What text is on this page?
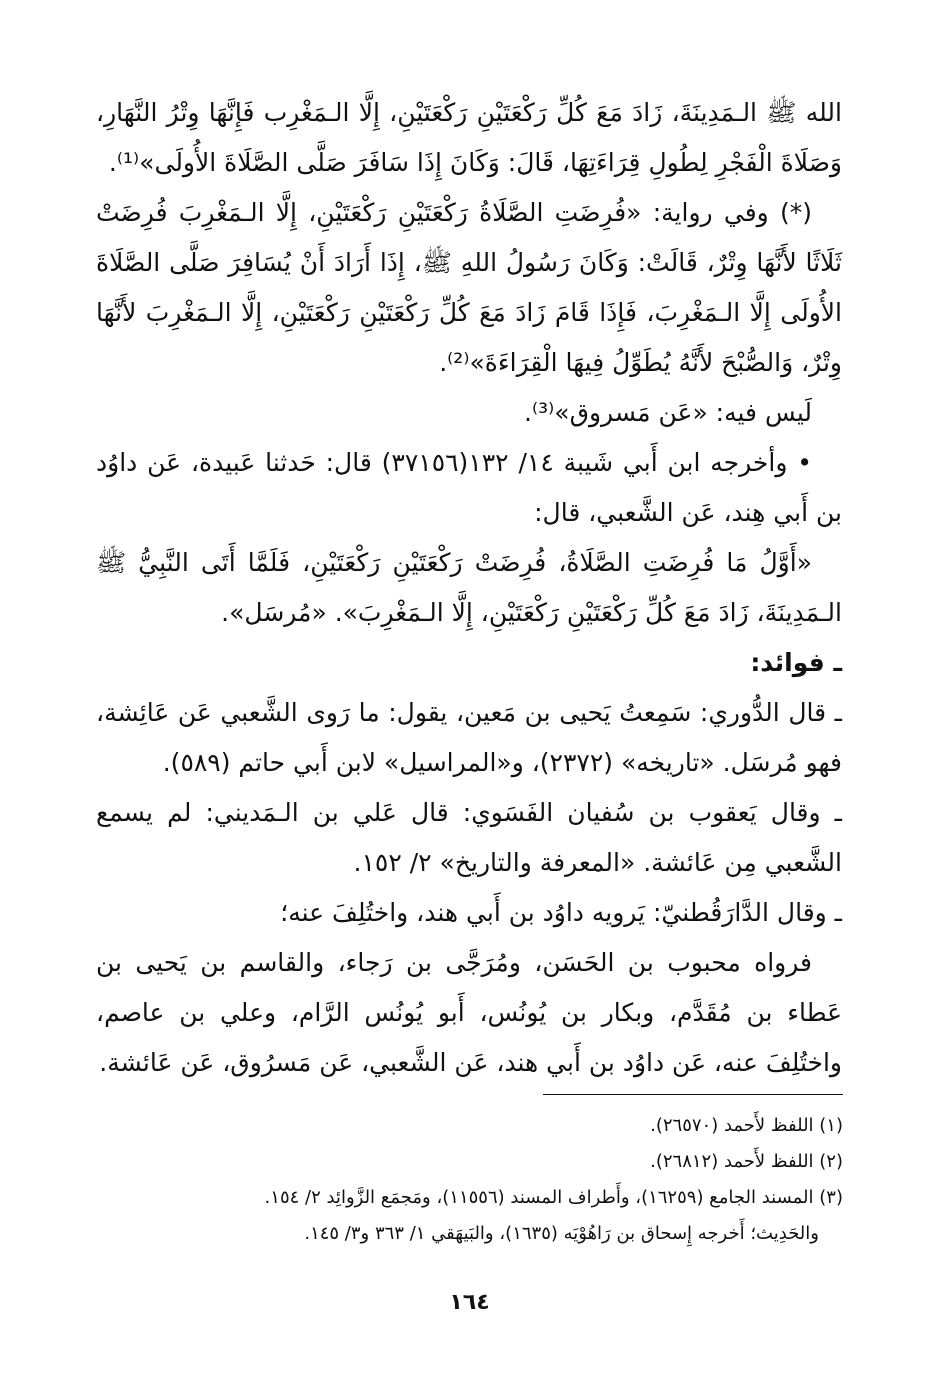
الله ﷺ الـمَدِينَةَ، زَادَ مَعَ كُلِّ رَكْعَتَيْنِ رَكْعَتَيْنِ، إِلَّا الـمَغْرِب فَإِنَّهَا وِتْرُ النَّهَارِ، وَصَلَاةَ الْفَجْرِ لِطُولِ قِرَاءَتِهَا، قَالَ: وَكَانَ إِذَا سَافَرَ صَلَّى الصَّلَاةَ الأُولَى»⁽¹⁾.

(*) وفي رواية: «فُرِضَتِ الصَّلَاةُ رَكْعَتَيْنِ رَكْعَتَيْنِ، إِلَّا الـمَغْرِبَ فُرِضَتْ ثَلَاثًا لأَنَّهَا وِتْرٌ، قَالَتْ: وَكَانَ رَسُولُ اللهِ ﷺ، إِذَا أَرَادَ أَنْ يُسَافِرَ صَلَّى الصَّلَاةَ الأُولَى إِلَّا الـمَغْرِبَ، فَإِذَا قَامَ زَادَ مَعَ كُلِّ رَكْعَتَيْنِ رَكْعَتَيْنِ، إِلَّا الـمَغْرِبَ لأَنَّهَا وِتْرٌ، وَالصُّبْحَ لأَنَّهُ يُطَوِّلُ فِيهَا الْقِرَاءَةَ»⁽²⁾.

لَيس فيه: «عَن مَسروق»⁽³⁾.

• وأخرجه ابن أَبي شَيبة ١٤/ ١٣٢(٣٧١٥٦) قال: حَدثنا عَبيدة، عَن داوُد بن أَبي هِند، عَن الشَّعبي، قال:

«أَوَّلُ مَا فُرِضَتِ الصَّلَاةُ، فُرِضَتْ رَكْعَتَيْنِ رَكْعَتَيْنِ، فَلَمَّا أَتَى النَّبِيُّ ﷺ الـمَدِينَةَ، زَادَ مَعَ كُلِّ رَكْعَتَيْنِ رَكْعَتَيْنِ، إِلَّا الـمَغْرِبَ». «مُرسَل».

ـ فوائد:

ـ قال الدُّوري: سَمِعتُ يَحيى بن مَعين، يقول: ما رَوى الشَّعبي عَن عَائِشة، فهو مُرسَل. «تاريخه» (٢٣٧٢)، و«المراسيل» لابن أَبي حاتم (٥٨٩).

ـ وقال يَعقوب بن سُفيان الفَسَوي: قال عَلي بن الـمَديني: لم يسمع الشَّعبي مِن عَائشة. «المعرفة والتاريخ» ٢/ ١٥٢.

ـ وقال الدَّارَقُطنيّ: يَرويه داوُد بن أَبي هند، واختُلِفَ عنه؛

فرواه محبوب بن الحَسَن، ومُرَجَّى بن رَجاء، والقاسم بن يَحيى بن عَطاء بن مُقَدَّم، وبكار بن يُونُس، أَبو يُونُس الرَّام، وعلي بن عاصم، واختُلِفَ عنه، عَن داوُد بن أَبي هند، عَن الشَّعبي، عَن مَسرُوق، عَن عَائشة.

(١) اللفظ لأَحمد (٢٦٥٧٠).

(٢) اللفظ لأَحمد (٢٦٨١٢).

(٣) المسند الجامع (١٦٢٥٩)، وأَطراف المسند (١١٥٥٦)، ومَجمَع الزَّوائِد ٢/ ١٥٤.

والحَدِيث؛ أَخرجه إِسحاق بن رَاهُوْيَه (١٦٣٥)، والبَيهَقي ١/ ٣٦٣ و٣/ ١٤٥.

١٦٤
